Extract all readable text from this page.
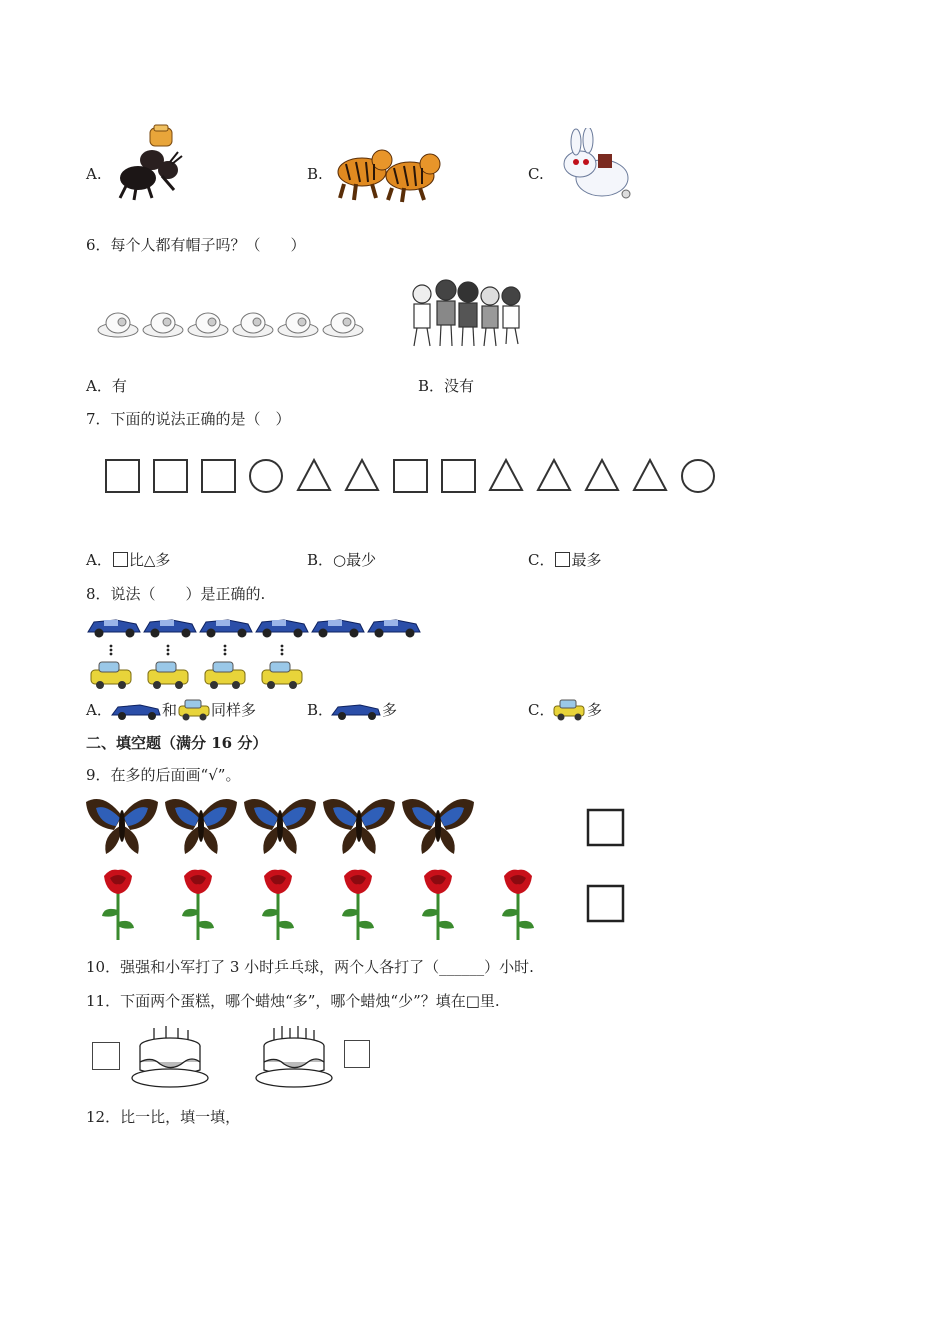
A.	B.	C.
6．每个人都有帽子吗？（　　）
A．有	B．没有
7．下面的说法正确的是（　）
A． 比△多	B．○最少	C． 最多
8．说法（　　）是正确的.
A．	和 同样多	B．	多	C． 多
二、填空题（满分 16 分）
9．在多的后面画“√”。
10．强强和小军打了 3 小时乒乓球，两个人各打了（______）小时.
11．下面两个蛋糕，哪个蜡烛“多”，哪个蜡烛“少”？填在□里.
12．比一比，填一填，
